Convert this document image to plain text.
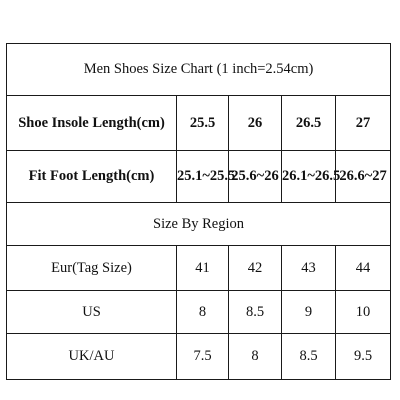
Men Shoes Size Chart (1 inch=2.54cm)				
Shoe Insole Length(cm)	25.5	26	26.5	27
Fit Foot Length(cm)	25.1~25.5	25.6~26	26.1~26.5	26.6~27
Size By Region				
Eur(Tag Size)	41	42	43	44
US	8	8.5	9	10
UK/AU	7.5	8	8.5	9.5
